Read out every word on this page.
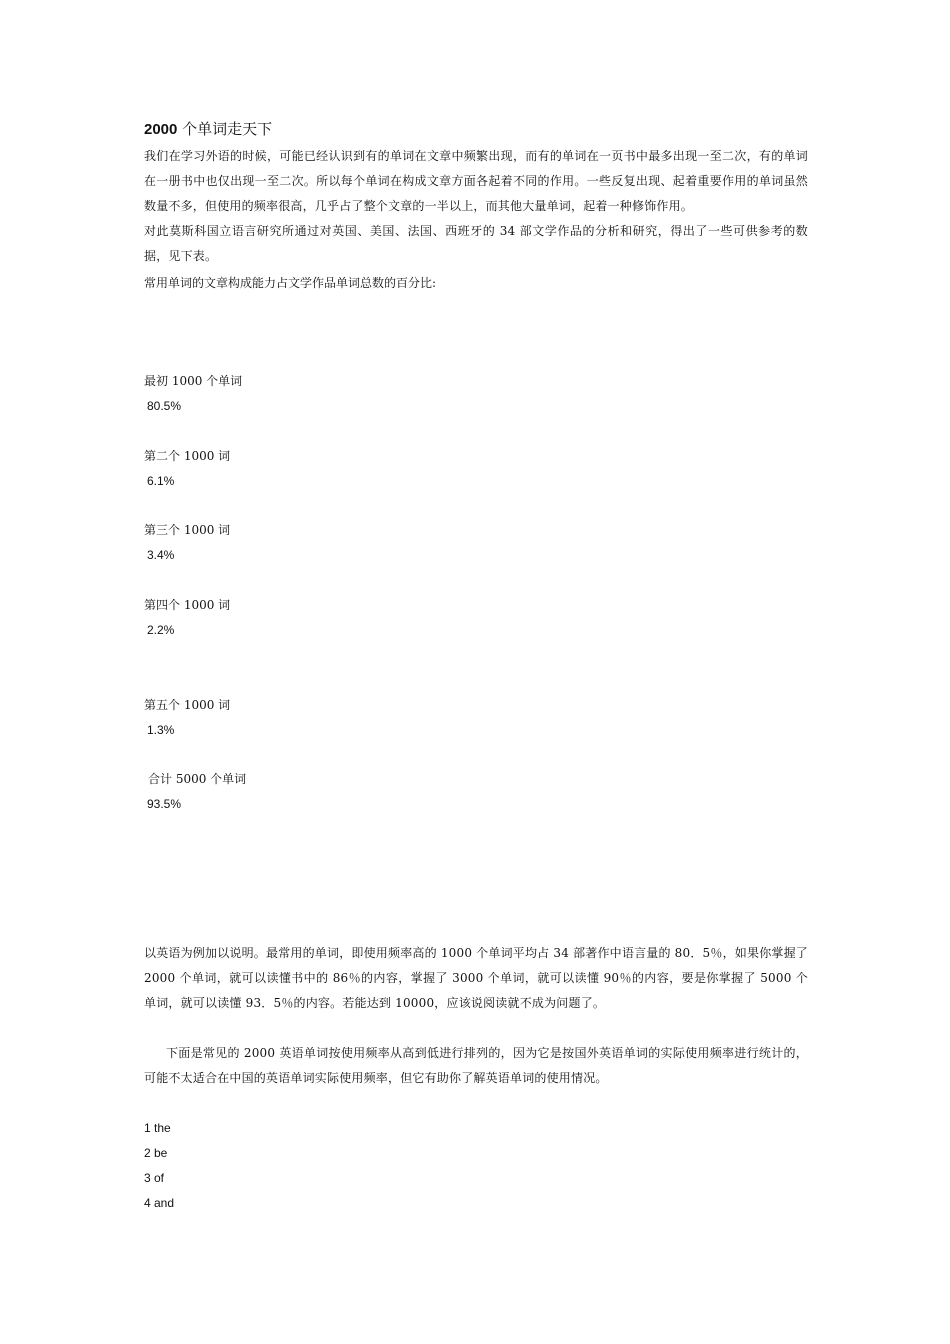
2000 个单词走天下
我们在学习外语的时候，可能已经认识到有的单词在文章中频繁出现，而有的单词在一页书中最多出现一至二次，有的单词在一册书中也仅出现一至二次。所以每个单词在构成文章方面各起着不同的作用。一些反复出现、起着重要作用的单词虽然数量不多，但使用的频率很高，几乎占了整个文章的一半以上，而其他大量单词，起着一种修饰作用。
对此莫斯科国立语言研究所通过对英国、美国、法国、西班牙的 34 部文学作品的分析和研究，得出了一些可供参考的数据，见下表。
常用单词的文章构成能力占文学作品单词总数的百分比:
最初 1000 个单词
80.5%
第二个 1000 词
6.1%
第三个 1000 词
3.4%
第四个 1000 词
2.2%
第五个 1000 词
1.3%
合计 5000 个单词
93.5%
以英语为例加以说明。最常用的单词，即使用频率高的 1000 个单词平均占 34 部著作中语言量的 80．5％，如果你掌握了 2000 个单词，就可以读懂书中的 86％的内容，掌握了 3000 个单词，就可以读懂 90％的内容，要是你掌握了 5000 个单词，就可以读懂 93．5％的内容。若能达到 10000，应该说阅读就不成为问题了。
下面是常见的 2000 英语单词按使用频率从高到低进行排列的，因为它是按国外英语单词的实际使用频率进行统计的，可能不太适合在中国的英语单词实际使用频率，但它有助你了解英语单词的使用情况。
1 the
2 be
3 of
4 and
